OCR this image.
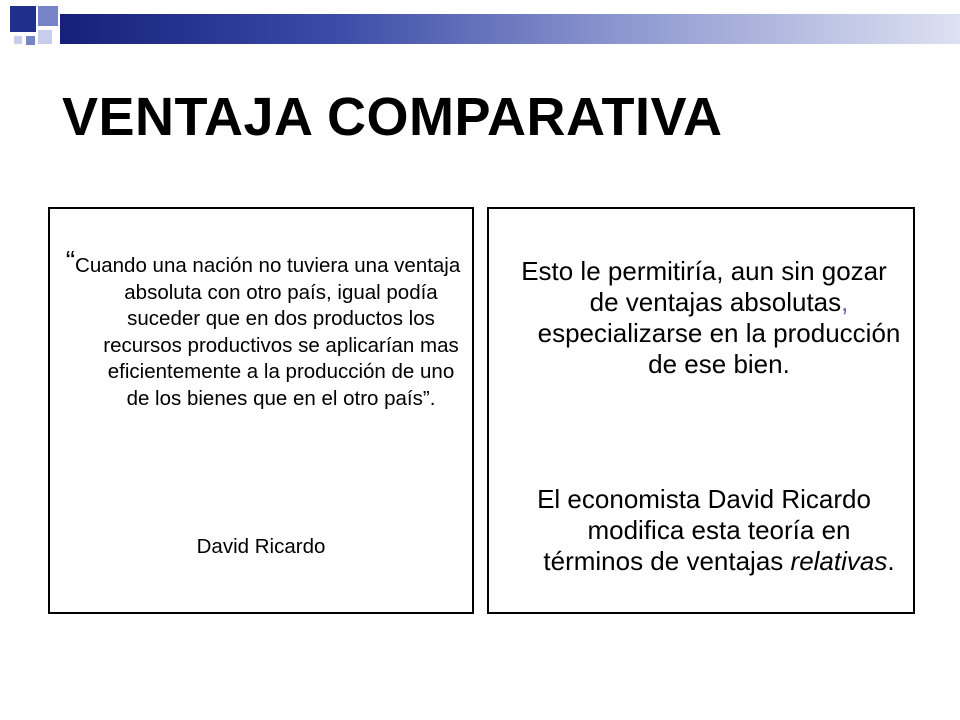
VENTAJA COMPARATIVA
“Cuando una nación no tuviera una ventaja absoluta con otro país, igual podía suceder que en dos productos los recursos productivos se aplicarían mas eficientemente a la producción de uno de los bienes que en el otro país”.
David Ricardo
Esto le permitiría, aun sin gozar de ventajas absolutas, especializarse en la producción de ese bien.
El economista David Ricardo modifica esta teoría en términos de ventajas relativas.
